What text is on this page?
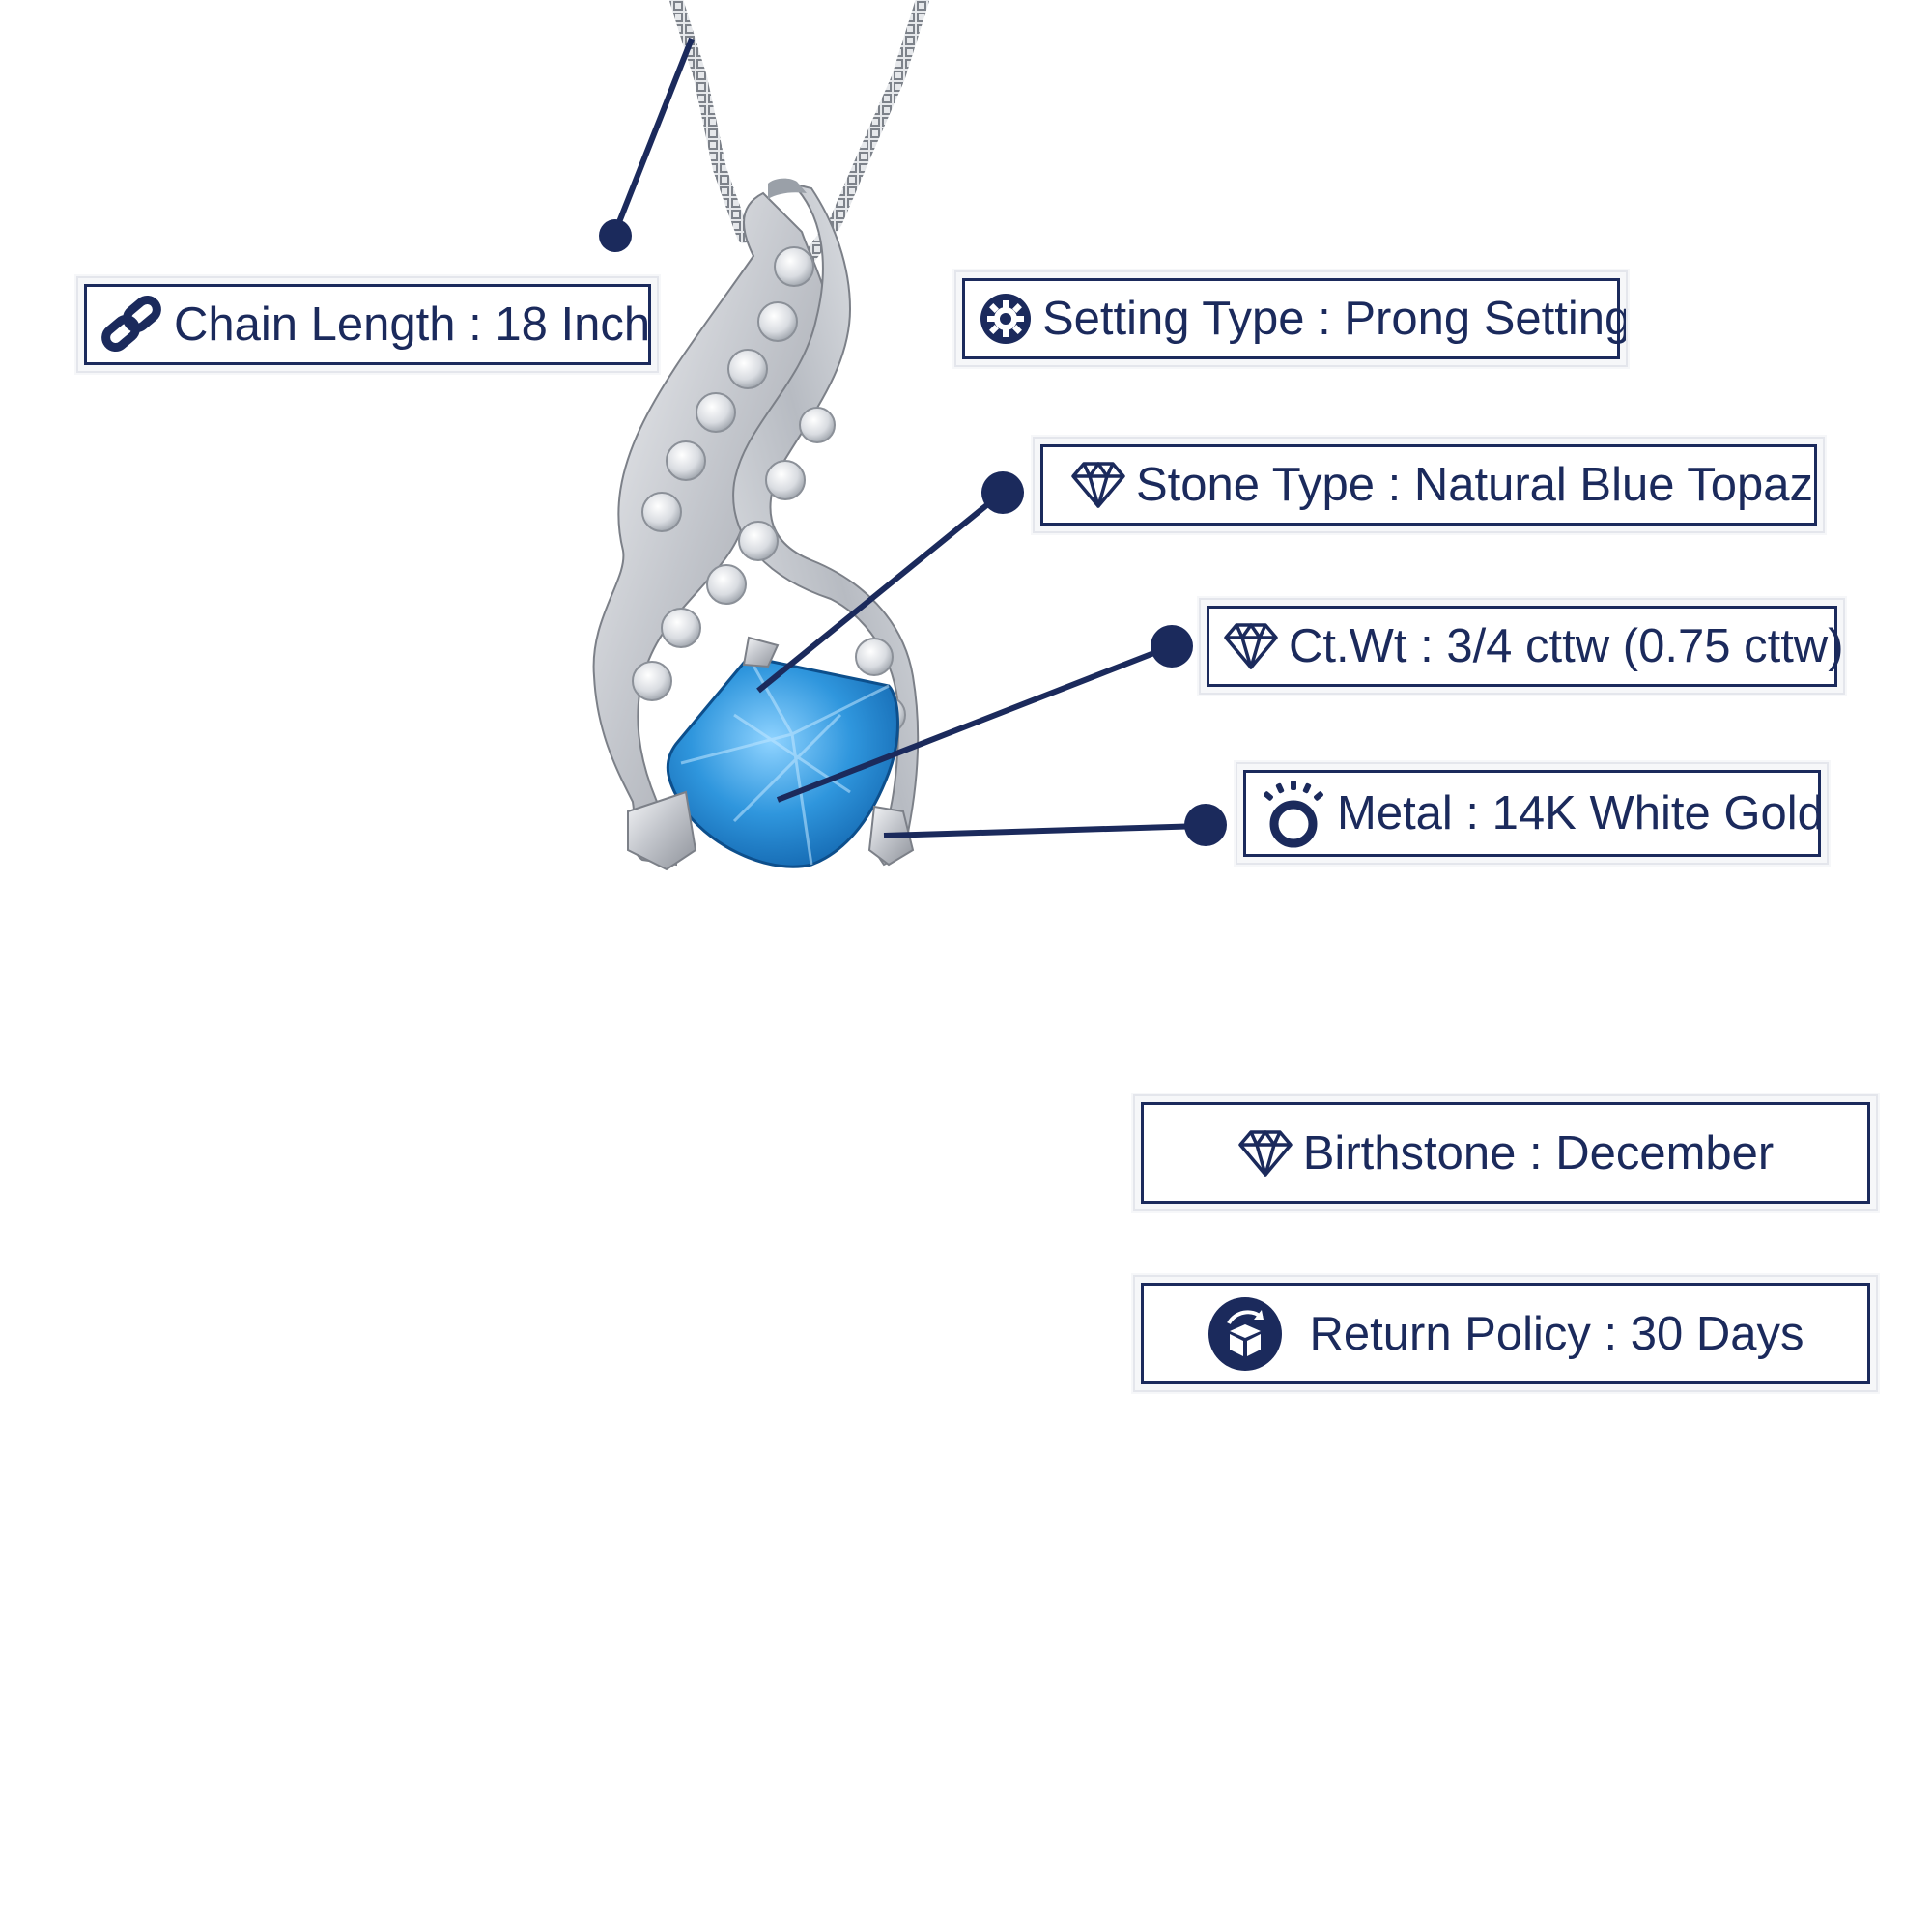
Chain Length : 18 Inch	Setting Type : Prong Setting
Stone Type : Natural Blue Topaz
Ct.Wt : 3/4 cttw (0.75 cttw)
Metal : 14K White Gold
Birthstone : December
Return Policy : 30 Days
